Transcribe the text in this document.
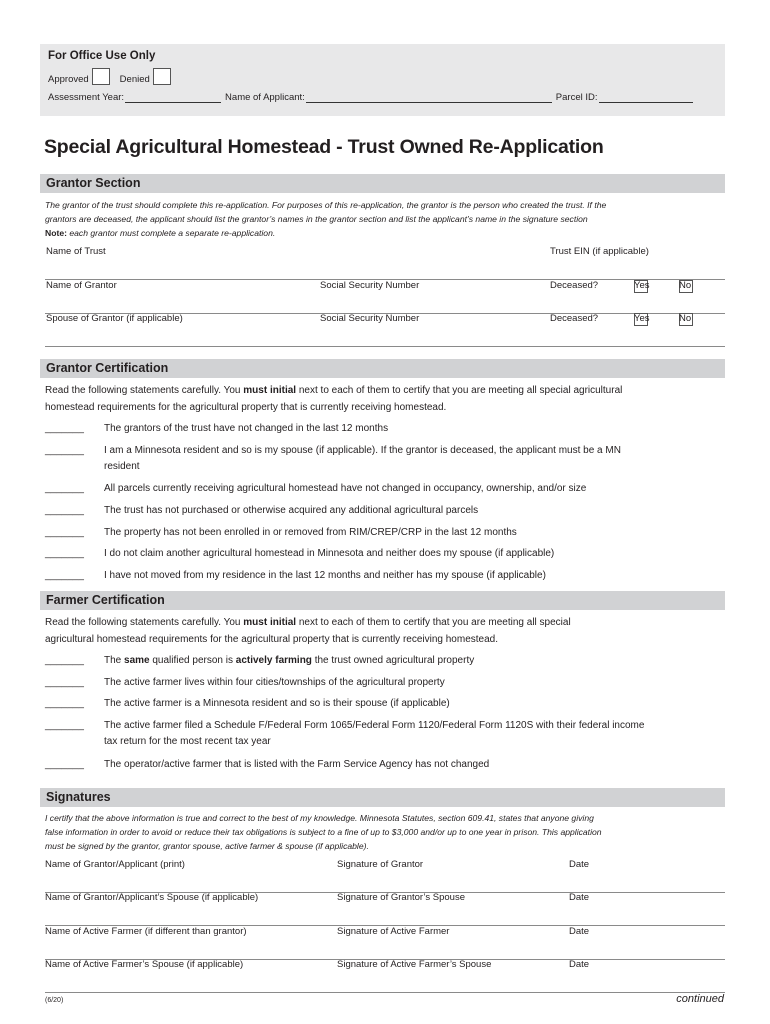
For Office Use Only
Approved	Denied
Assessment Year:	Name of Applicant:	Parcel ID:
Special Agricultural Homestead - Trust Owned Re-Application
Grantor Section
The grantor of the trust should complete this re-application. For purposes of this re-application, the grantor is the person who created the trust. If the
grantors are deceased, the applicant should list the grantor’s names in the grantor section and list the applicant’s name in the signature section
Note: each grantor must complete a separate re-application.
Name of Trust	Trust EIN (if applicable)
Name of Grantor	Social Security Number	Deceased?	Yes	No
Spouse of Grantor (if applicable)	Social Security Number	Deceased?	Yes	No
Grantor Certification
Read the following statements carefully. You must initial next to each of them to certify that you are meeting all special agricultural
homestead requirements for the agricultural property that is currently receiving homestead.
_______	The grantors of the trust have not changed in the last 12 months
_______	I am a Minnesota resident and so is my spouse (if applicable). If the grantor is deceased, the applicant must be a MN
resident
_______	All parcels currently receiving agricultural homestead have not changed in occupancy, ownership, and/or size
_______	The trust has not purchased or otherwise acquired any additional agricultural parcels
_______	The property has not been enrolled in or removed from RIM/CREP/CRP in the last 12 months
_______	I do not claim another agricultural homestead in Minnesota and neither does my spouse (if applicable)
_______	I have not moved from my residence in the last 12 months and neither has my spouse (if applicable)
Farmer Certification
Read the following statements carefully. You must initial next to each of them to certify that you are meeting all special
agricultural homestead requirements for the agricultural property that is currently receiving homestead.
_______	The same qualified person is actively farming the trust owned agricultural property
_______	The active farmer lives within four cities/townships of the agricultural property
_______	The active farmer is a Minnesota resident and so is their spouse (if applicable)
_______	The active farmer filed a Schedule F/Federal Form 1065/Federal Form 1120/Federal Form 1120S with their federal income
tax return for the most recent tax year
_______	The operator/active farmer that is listed with the Farm Service Agency has not changed
Signatures
I certify that the above information is true and correct to the best of my knowledge. Minnesota Statutes, section 609.41, states that anyone giving
false information in order to avoid or reduce their tax obligations is subject to a fine of up to $3,000 and/or up to one year in prison. This application
must be signed by the grantor, grantor spouse, active farmer & spouse (if applicable).
Name of Grantor/Applicant (print)	Signature of Grantor	Date
Name of Grantor/Applicant’s Spouse (if applicable)	Signature of Grantor’s Spouse	Date
Name of Active Farmer (if different than grantor)	Signature of Active Farmer	Date
Name of Active Farmer’s Spouse (if applicable)	Signature of Active Farmer’s Spouse	Date
(6/20)	continued
